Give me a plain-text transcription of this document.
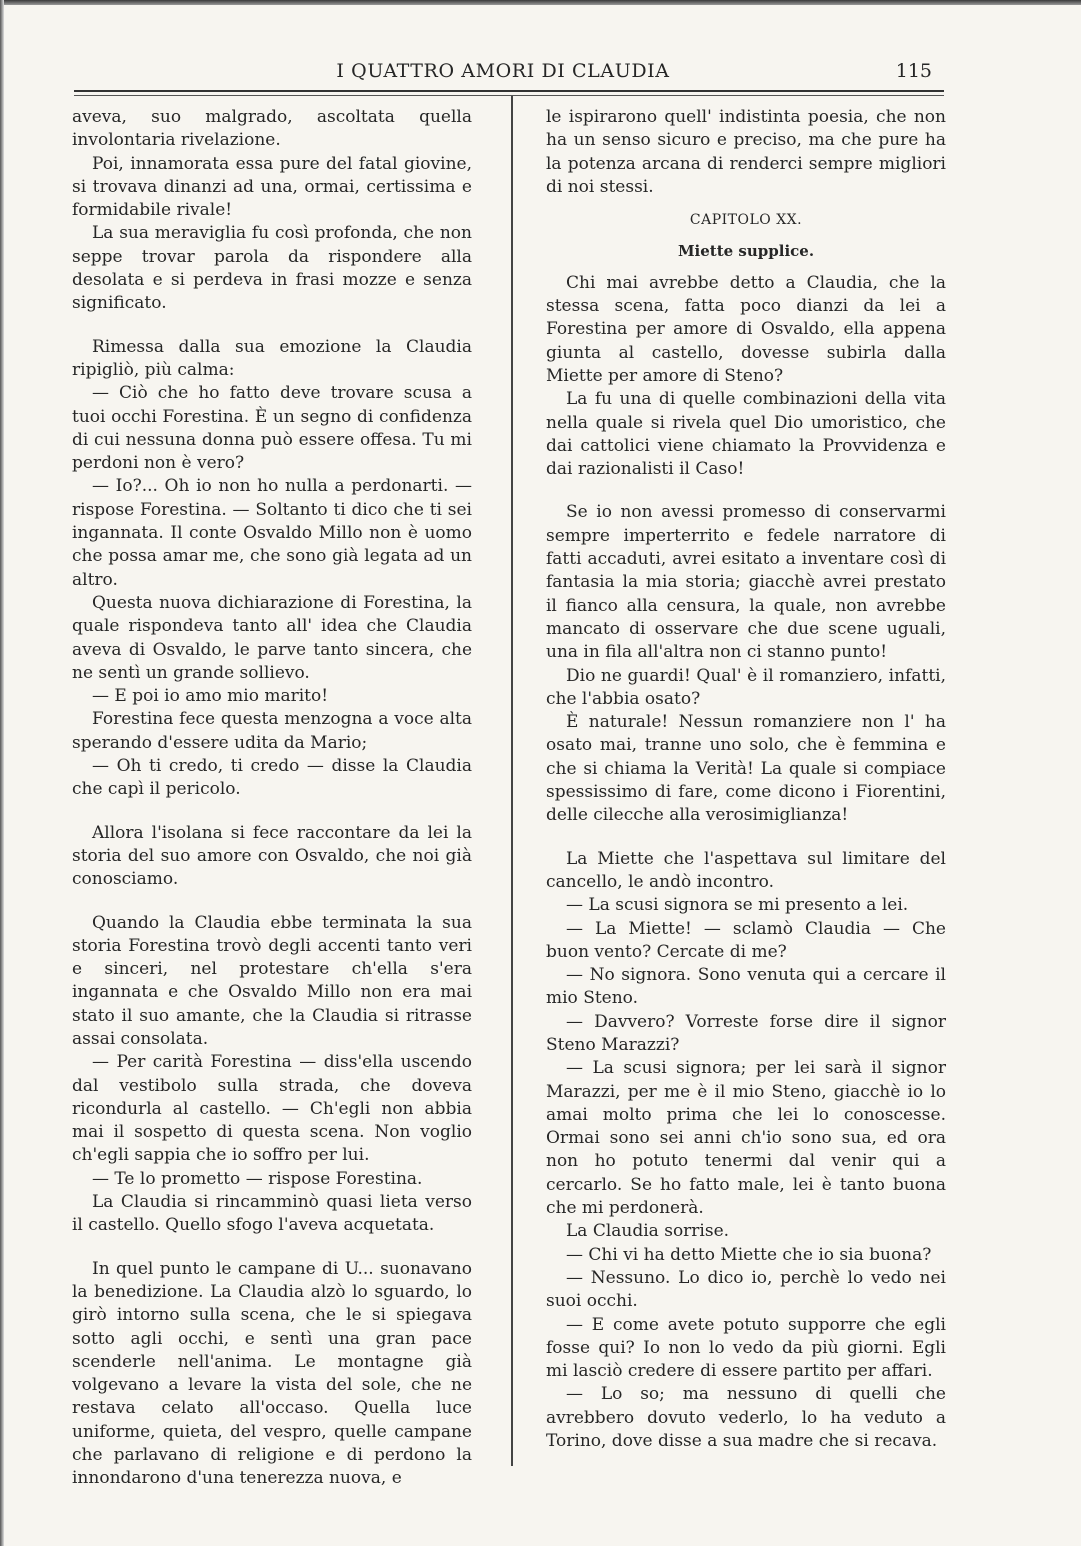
I QUATTRO AMORI DI CLAUDIA	115

aveva, suo malgrado, ascoltata quella involontaria rivelazione.

Poi, innamorata essa pure del fatal giovine, si trovava dinanzi ad una, ormai, certissima e formidabile rivale!

La sua meraviglia fu così profonda, che non seppe trovar parola da rispondere alla desolata e si perdeva in frasi mozze e senza significato.

Rimessa dalla sua emozione la Claudia ripigliò, più calma:

— Ciò che ho fatto deve trovare scusa a tuoi occhi Forestina. È un segno di confidenza di cui nessuna donna può essere offesa. Tu mi perdoni non è vero?

— Io?... Oh io non ho nulla a perdonarti. — rispose Forestina. — Soltanto ti dico che ti sei ingannata. Il conte Osvaldo Millo non è uomo che possa amar me, che sono già legata ad un altro.

Questa nuova dichiarazione di Forestina, la quale rispondeva tanto all' idea che Claudia aveva di Osvaldo, le parve tanto sincera, che ne sentì un grande sollievo.

— E poi io amo mio marito!

Forestina fece questa menzogna a voce alta sperando d'essere udita da Mario;

— Oh ti credo, ti credo — disse la Claudia che capì il pericolo.

Allora l'isolana si fece raccontare da lei la storia del suo amore con Osvaldo, che noi già conosciamo.

Quando la Claudia ebbe terminata la sua storia Forestina trovò degli accenti tanto veri e sinceri, nel protestare ch'ella s'era ingannata e che Osvaldo Millo non era mai stato il suo amante, che la Claudia si ritrasse assai consolata.

— Per carità Forestina — diss'ella uscendo dal vestibolo sulla strada, che doveva ricondurla al castello. — Ch'egli non abbia mai il sospetto di questa scena. Non voglio ch'egli sappia che io soffro per lui.

— Te lo prometto — rispose Forestina.

La Claudia si rincamminò quasi lieta verso il castello. Quello sfogo l'aveva acquetata.

In quel punto le campane di U... suonavano la benedizione. La Claudia alzò lo sguardo, lo girò intorno sulla scena, che le si spiegava sotto agli occhi, e sentì una gran pace scenderle nell'anima. Le montagne già volgevano a levare la vista del sole, che ne restava celato all'occaso. Quella luce uniforme, quieta, del vespro, quelle campane che parlavano di religione e di perdono la innondarono d'una tenerezza nuova, e

le ispirarono quell' indistinta poesia, che non ha un senso sicuro e preciso, ma che pure ha la potenza arcana di renderci sempre migliori di noi stessi.

CAPITOLO XX.

Miette supplice.

Chi mai avrebbe detto a Claudia, che la stessa scena, fatta poco dianzi da lei a Forestina per amore di Osvaldo, ella appena giunta al castello, dovesse subirla dalla Miette per amore di Steno?

La fu una di quelle combinazioni della vita nella quale si rivela quel Dio umoristico, che dai cattolici viene chiamato la Provvidenza e dai razionalisti il Caso!

Se io non avessi promesso di conservarmi sempre imperterrito e fedele narratore di fatti accaduti, avrei esitato a inventare così di fantasia la mia storia; giacchè avrei prestato il fianco alla censura, la quale, non avrebbe mancato di osservare che due scene uguali, una in fila all'altra non ci stanno punto!

Dio ne guardi! Qual' è il romanziero, infatti, che l'abbia osato?

È naturale! Nessun romanziere non l' ha osato mai, tranne uno solo, che è femmina e che si chiama la Verità! La quale si compiace spessissimo di fare, come dicono i Fiorentini, delle cilecche alla verosimiglianza!

La Miette che l'aspettava sul limitare del cancello, le andò incontro.

— La scusi signora se mi presento a lei.

— La Miette! — sclamò Claudia — Che buon vento? Cercate di me?

— No signora. Sono venuta qui a cercare il mio Steno.

— Davvero? Vorreste forse dire il signor Steno Marazzi?

— La scusi signora; per lei sarà il signor Marazzi, per me è il mio Steno, giacchè io lo amai molto prima che lei lo conoscesse. Ormai sono sei anni ch'io sono sua, ed ora non ho potuto tenermi dal venir qui a cercarlo. Se ho fatto male, lei è tanto buona che mi perdonerà.

La Claudia sorrise.

— Chi vi ha detto Miette che io sia buona?

— Nessuno. Lo dico io, perchè lo vedo nei suoi occhi.

— E come avete potuto supporre che egli fosse qui? Io non lo vedo da più giorni. Egli mi lasciò credere di essere partito per affari.

— Lo so; ma nessuno di quelli che avrebbero dovuto vederlo, lo ha veduto a Torino, dove disse a sua madre che si recava.
